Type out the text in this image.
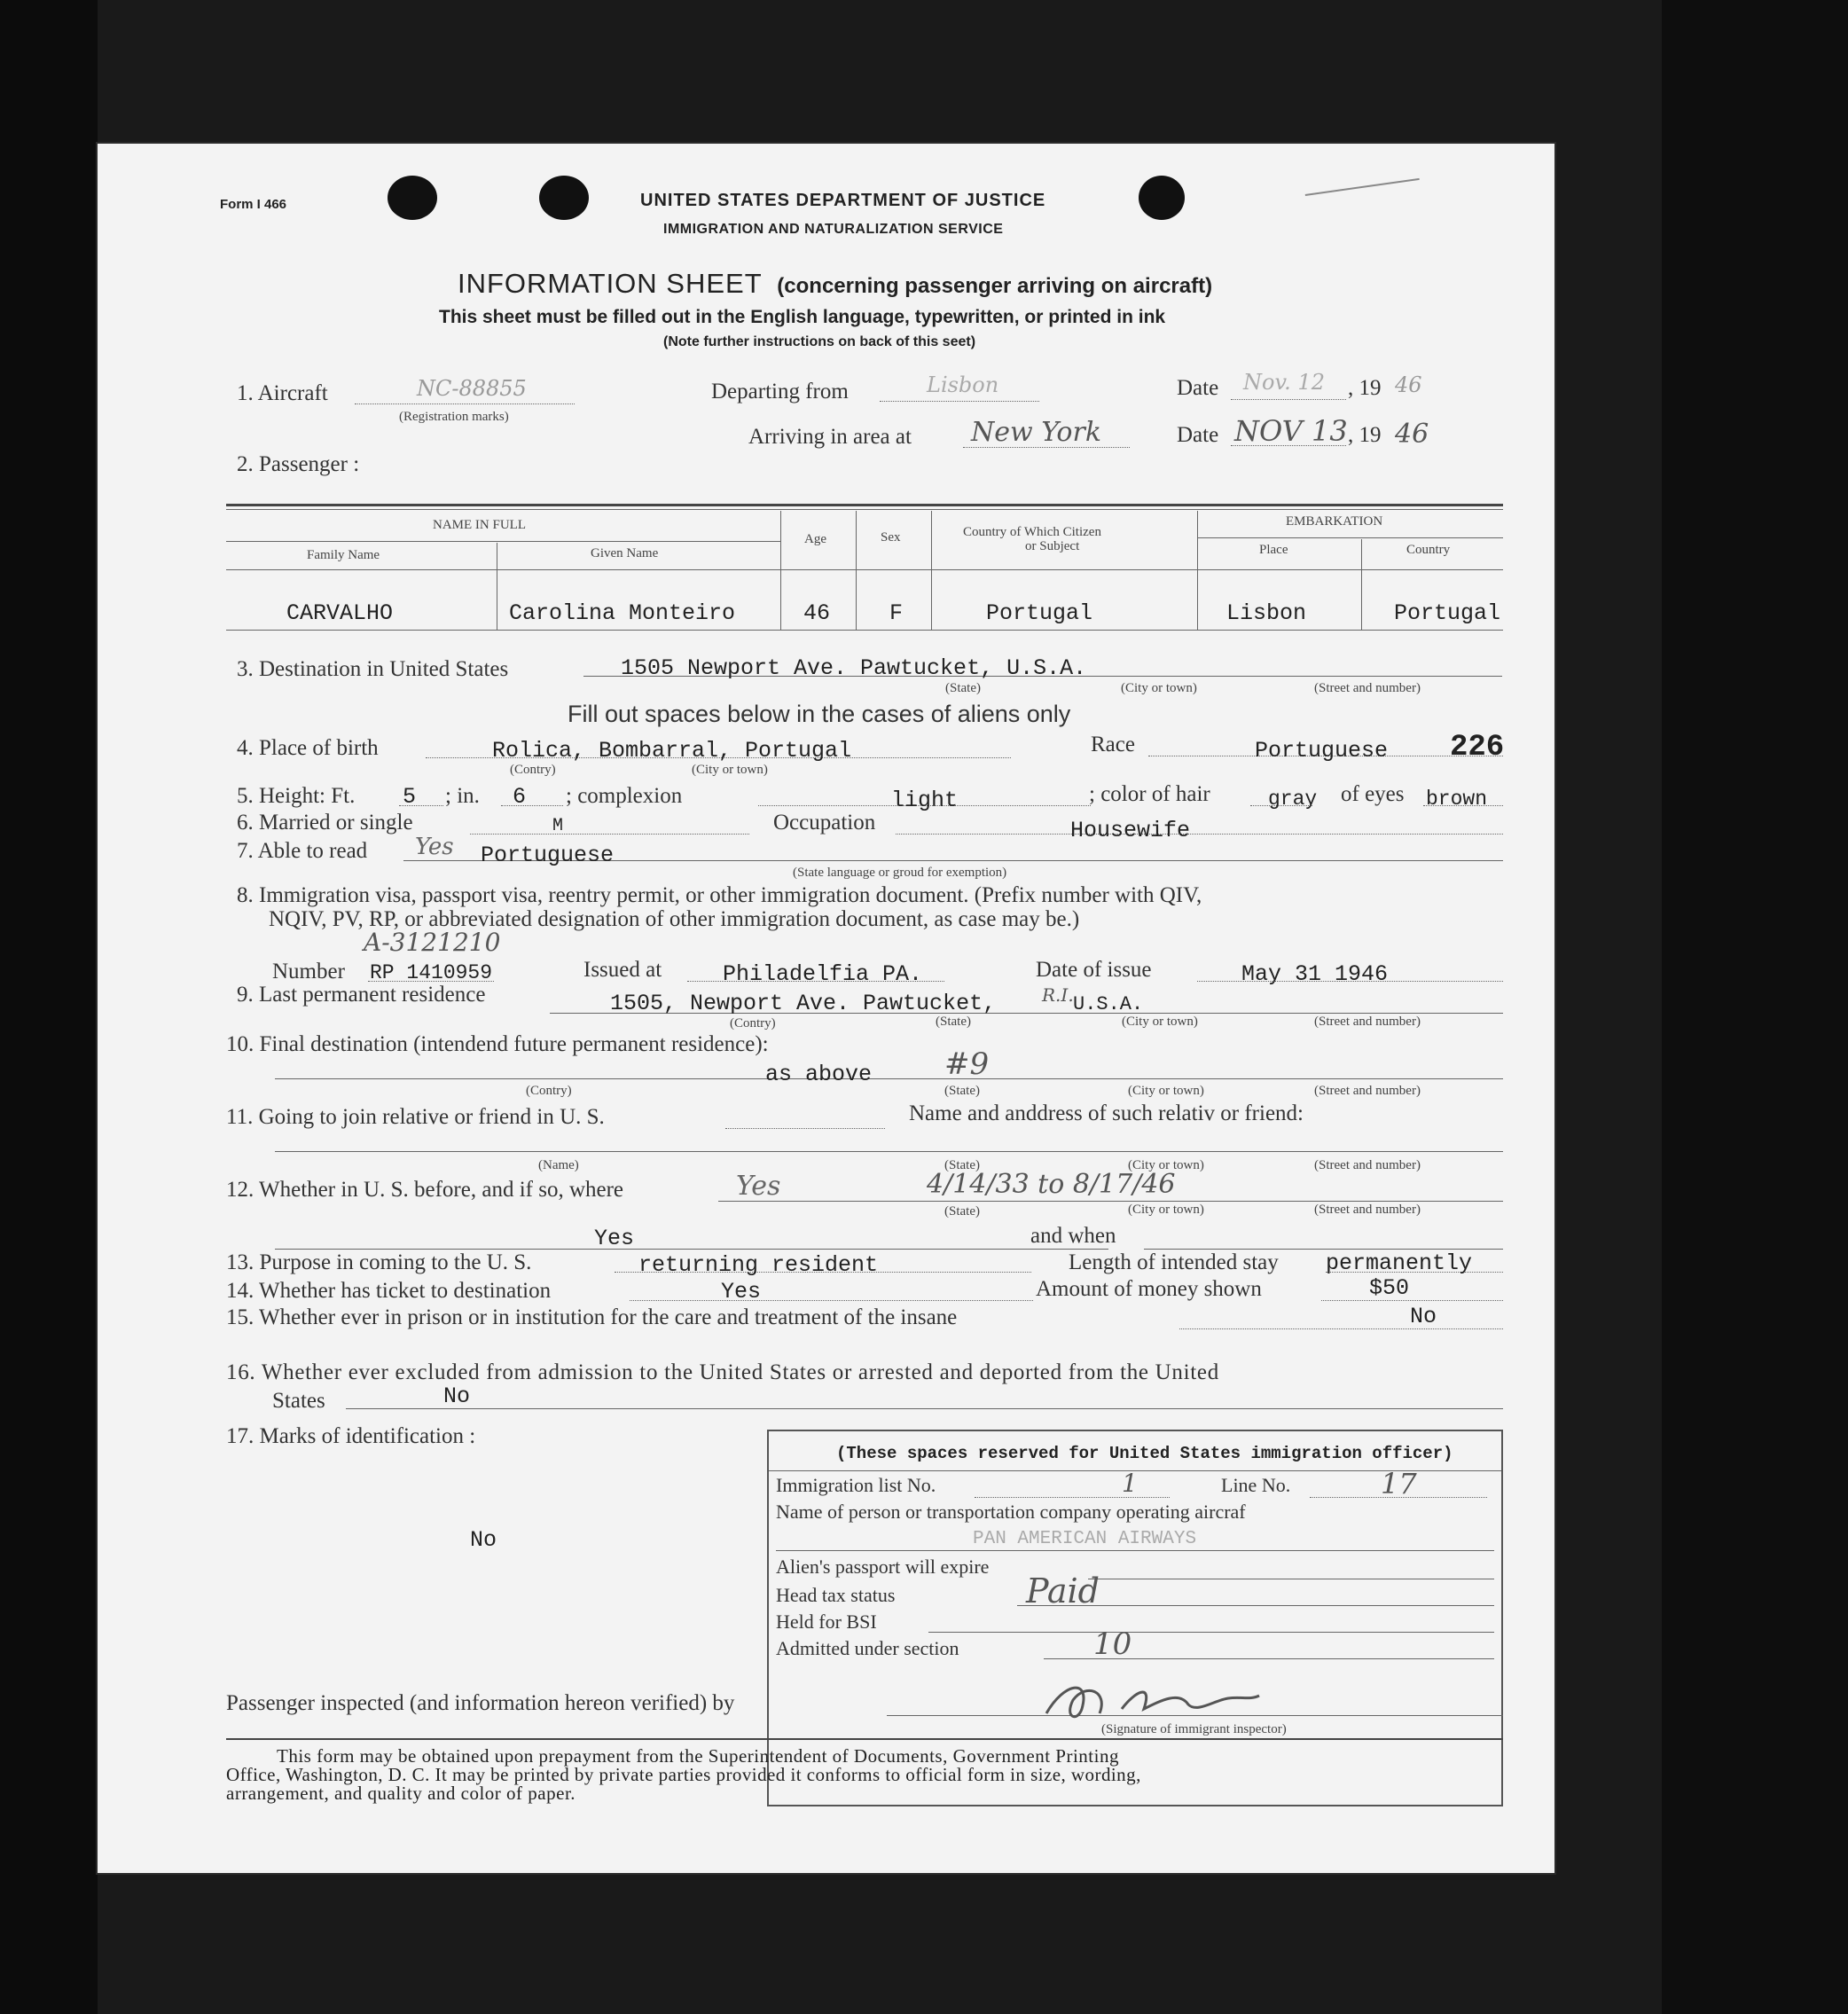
Form I 466	UNITED STATES DEPARTMENT OF JUSTICE
IMMIGRATION AND NATURALIZATION SERVICE
INFORMATION SHEET (concerning passenger arriving on aircraft)
This sheet must be filled out in the English language, typewritten, or printed in ink
(Note further instructions on back of this seet)
1. Aircraft	NC-88855
(Registration marks)
Departing from	Lisbon	Date Nov. 12 , 19 46
Arriving in area at New York	Date NOV 13 , 19 46
2. Passenger :
NAME IN FULL
Family Name	Given Name
Age	Sex	Country of Which Citizen
or Subject
EMBARKATION
Place	Country
CARVALHO	Carolina Monteiro	46	F	Portugal	Lisbon	Portugal
3. Destination in United States	1505 Newport Ave. Pawtucket, U.S.A.
(State)	(City or town)	(Street and number)
Fill out spaces below in the cases of aliens only
4. Place of birth	Rolica, Bombarral, Portugal
(Contry)	(City or town)
Race	Portuguese 226
5. Height: Ft. 5 ; in. 6 ; complexion	light	; color of hair	gray of eyes brown
6. Married or single	M	Occupation	Housewife
7. Able to read Yes Portuguese
(State language or groud for exemption)
8. Immigration visa, passport visa, reentry permit, or other immigration document. (Prefix number with QIV,
NQIV, PV, RP, or abbreviated designation of other immigration document, as case may be.)
A-3121210
Number RP 1410959	Issued at	Philadelfia PA.	Date of issue	May 31 1946
9. Last permanent residence	1505, Newport Ave. Pawtucket,	R.I. U.S.A.
(Contry)	(State)	(City or town)	(Street and number)
10. Final destination (intendend future permanent residence):
as above #9
(Contry)	(State)	(City or town)	(Street and number)
11. Going to join relative or friend in U. S.	Name and anddress of such relativ or friend:
(Name)	(State)	(City or town)	(Street and number)
12. Whether in U. S. before, and if so, where	Yes	4/14/33 to 8/17/46
(State)	(City or town)	(Street and number)
Yes	and when
13. Purpose in coming to the U. S.	returning resident	Length of intended stay permanently
14. Whether has ticket to destination	Yes	Amount of money shown	$50
15. Whether ever in prison or in institution for the care and treatment of the insane	No
16. Whether ever excluded from admission to the United States or arrested and deported from the United
States	No
17. Marks of identification :
No
(These spaces reserved for United States immigration officer)
Immigration list No.	1	Line No.	17
Name of person or transportation company operating aircraf
PAN AMERICAN AIRWAYS
Alien's passport will expire
Head tax status	Paid
Held for BSI
Admitted under section	10
Passenger inspected (and information hereon verified) by
(Signature of immigrant inspector)
This form may be obtained upon prepayment from the Superintendent of Documents, Government Printing
Office, Washington, D. C. It may be printed by private parties provided it conforms to official form in size, wording,
arrangement, and quality and color of paper.
